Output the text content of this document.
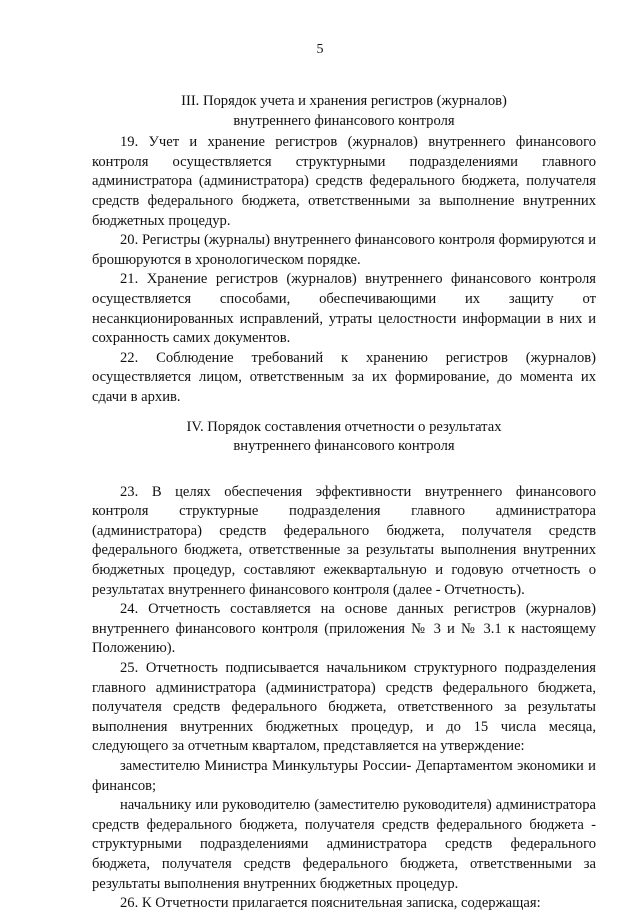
5

III. Порядок учета и хранения регистров (журналов)

внутреннего финансового контроля

19. Учет и хранение регистров (журналов) внутреннего финансового контроля осуществляется структурными подразделениями главного администратора (администратора) средств федерального бюджета, получателя средств федерального бюджета, ответственными за выполнение внутренних бюджетных процедур.

20. Регистры (журналы) внутреннего финансового контроля формируются и брошюруются в хронологическом порядке.

21. Хранение регистров (журналов) внутреннего финансового контроля осуществляется способами, обеспечивающими их защиту от несанкционированных исправлений, утраты целостности информации в них и сохранность самих документов.

22. Соблюдение требований к хранению регистров (журналов) осуществляется лицом, ответственным за их формирование, до момента их сдачи в архив.

IV. Порядок составления отчетности о результатах

внутреннего финансового контроля

23. В целях обеспечения эффективности внутреннего финансового контроля структурные подразделения главного администратора (администратора) средств федерального бюджета, получателя средств федерального бюджета, ответственные за результаты выполнения внутренних бюджетных процедур, составляют ежеквартальную и годовую отчетность о результатах внутреннего финансового контроля (далее - Отчетность).

24. Отчетность составляется на основе данных регистров (журналов) внутреннего финансового контроля (приложения № 3 и № 3.1 к настоящему Положению).

25. Отчетность подписывается начальником структурного подразделения главного администратора (администратора) средств федерального бюджета, получателя средств федерального бюджета, ответственного за результаты выполнения внутренних бюджетных процедур, и до 15 числа месяца, следующего за отчетным кварталом, представляется на утверждение:

заместителю Министра Минкультуры России- Департаментом экономики и финансов;

начальнику или руководителю (заместителю руководителя) администратора средств федерального бюджета, получателя средств федерального бюджета - структурными подразделениями администратора средств федерального бюджета, получателя средств федерального бюджета, ответственными за результаты выполнения внутренних бюджетных процедур.

26. К Отчетности прилагается пояснительная записка, содержащая:
